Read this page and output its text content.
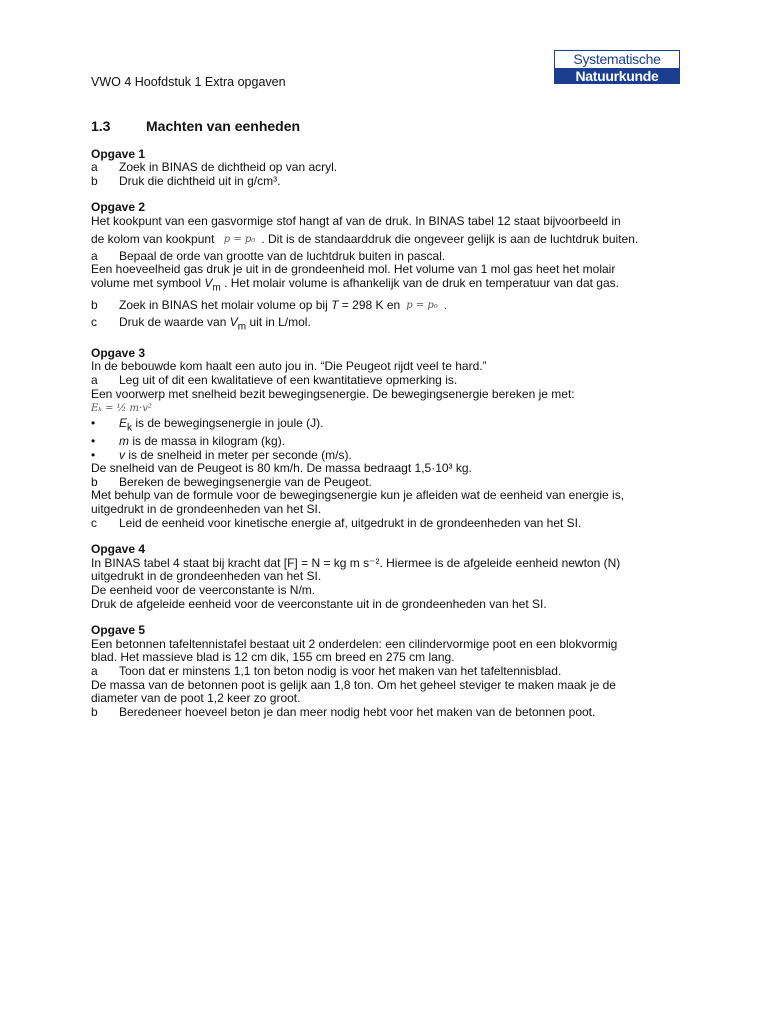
Systematische
Natuurkunde
VWO 4 Hoofdstuk 1 Extra opgaven
1.3	Machten van eenheden
Opgave 1
a	Zoek in BINAS de dichtheid op van acryl.
b	Druk die dichtheid uit in g/cm³.
Opgave 2
Het kookpunt van een gasvormige stof hangt af van de druk. In BINAS tabel 12 staat bijvoorbeeld in
de kolom van kookpunt p = p₀ . Dit is de standaarddruk die ongeveer gelijk is aan de luchtdruk buiten.
a	Bepaal de orde van grootte van de luchtdruk buiten in pascal.
Een hoeveelheid gas druk je uit in de grondeenheid mol. Het volume van 1 mol gas heet het molair
volume met symbool $V_m$ . Het molair volume is afhankelijk van de druk en temperatuur van dat gas.
b	Zoek in BINAS het molair volume op bij T = 298 K en p = p₀ .
c	Druk de waarde van $V_m$ uit in L/mol.
Opgave 3
In de bebouwde kom haalt een auto jou in. “Die Peugeot rijdt veel te hard.”
a	Leg uit of dit een kwalitatieve of een kwantitatieve opmerking is.
Een voorwerp met snelheid bezit bewegingsenergie. De bewegingsenergie bereken je met:
Eₖ = ½ m·v²
•	$E_k$ is de bewegingsenergie in joule (J).
•	m is de massa in kilogram (kg).
•	v is de snelheid in meter per seconde (m/s).
De snelheid van de Peugeot is 80 km/h. De massa bedraagt 1,5·10³ kg.
b	Bereken de bewegingsenergie van de Peugeot.
Met behulp van de formule voor de bewegingsenergie kun je afleiden wat de eenheid van energie is,
uitgedrukt in de grondeenheden van het SI.
c	Leid de eenheid voor kinetische energie af, uitgedrukt in de grondeenheden van het SI.
Opgave 4
In BINAS tabel 4 staat bij kracht dat [F] = N = kg m s⁻². Hiermee is de afgeleide eenheid newton (N)
uitgedrukt in de grondeenheden van het SI.
De eenheid voor de veerconstante is N/m.
Druk de afgeleide eenheid voor de veerconstante uit in de grondeenheden van het SI.
Opgave 5
Een betonnen tafeltennistafel bestaat uit 2 onderdelen: een cilindervormige poot en een blokvormig
blad. Het massieve blad is 12 cm dik, 155 cm breed en 275 cm lang.
a	Toon dat er minstens 1,1 ton beton nodig is voor het maken van het tafeltennisblad.
De massa van de betonnen poot is gelijk aan 1,8 ton. Om het geheel steviger te maken maak je de
diameter van de poot 1,2 keer zo groot.
b	Beredeneer hoeveel beton je dan meer nodig hebt voor het maken van de betonnen poot.
